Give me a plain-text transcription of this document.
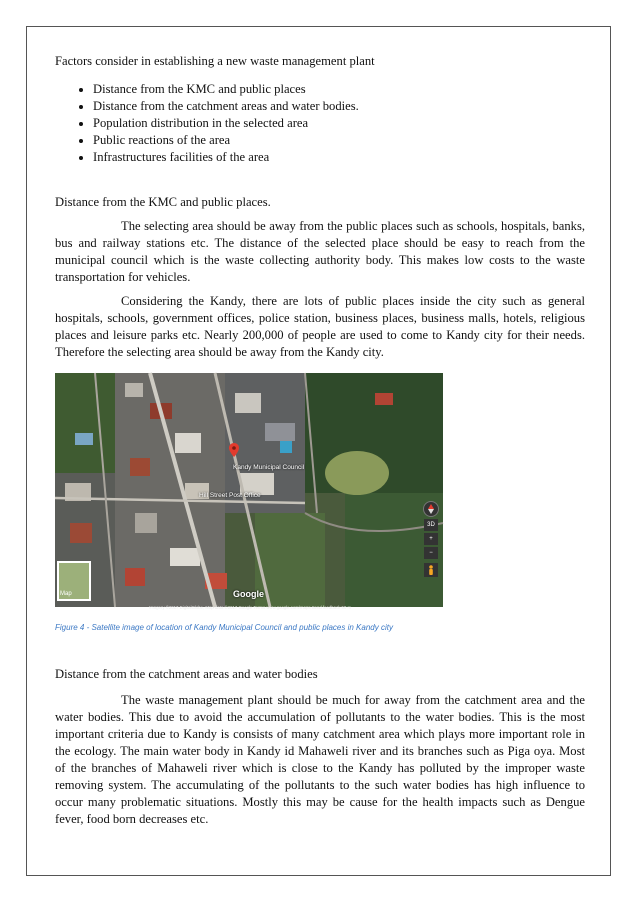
Factors consider in establishing a new waste management plant

• Distance from the KMC and public places
• Distance from the catchment areas and water bodies.
• Population distribution in the selected area
• Public reactions of the area
• Infrastructures facilities of the area

Distance from the KMC and public places.

The selecting area should be away from the public places such as schools, hospitals, banks, bus and railway stations etc. The distance of the selected place should be easy to reach from the municipal council which is the waste collecting authority body. This makes low costs to the waste transportation for vehicles.

Considering the Kandy, there are lots of public places inside the city such as general hospitals, schools, government offices, police station, business places, business malls, hotels, religious places and leisure parks etc. Nearly 200,000 of people are used to come to Kandy city for their needs. Therefore the selecting area should be away from the Kandy city.

Kandy Municipal Council
Hill Street Post Office
Map	Google
Imagery ©2017 DigitalGlobe, Map data ©2017 Google Terms www.google.com/maps Send feedback 50 m
3D
+
−
Figure 4 - Satellite image of location of Kandy Municipal Council and public places in Kandy city

Distance from the catchment areas and water bodies

The waste management plant should be much for away from the catchment area and the water bodies. This due to avoid the accumulation of pollutants to the water bodies. This is the most important criteria due to Kandy is consists of many catchment area which plays more important role in the ecology. The main water body in Kandy id Mahaweli river and its branches such as Piga oya. Most of the branches of Mahaweli river which is close to the Kandy has polluted by the improper waste removing system. The accumulating of the pollutants to the such water bodies has high influence to occur many problematic situations. Mostly this may be cause for the health impacts such as Dengue fever, food born decreases etc.
